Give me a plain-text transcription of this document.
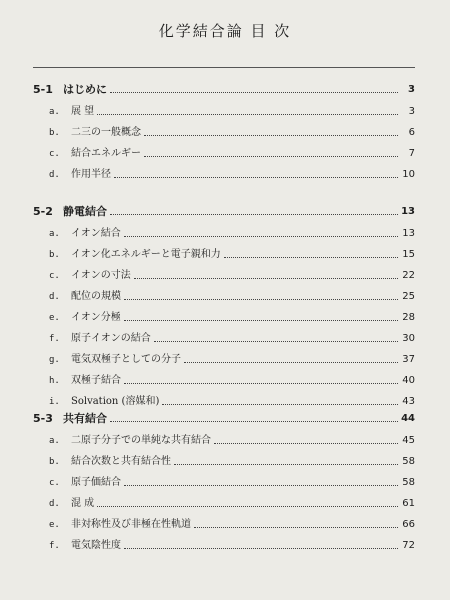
化学結合論 目 次
5-1 はじめに	3
a.	展 望	3
b.	二三の一般概念	6
c.	結合エネルギー	7
d.	作用半径	10
5-2 静電結合	13
a.	イオン結合	13
b.	イオン化エネルギーと電子親和力	15
c.	イオンの寸法	22
d.	配位の規模	25
e.	イオン分極	28
f.	原子イオンの結合	30
g.	電気双極子としての分子	37
h.	双極子結合	40
i.	Solvation (溶媒和)	43
5-3 共有結合	44
a.	二原子分子での単純な共有結合	45
b.	結合次数と共有結合性	58
c.	原子価結合	58
d.	混 成	61
e.	非対称性及び非極在性軌道	66
f.	電気陰性度	72
